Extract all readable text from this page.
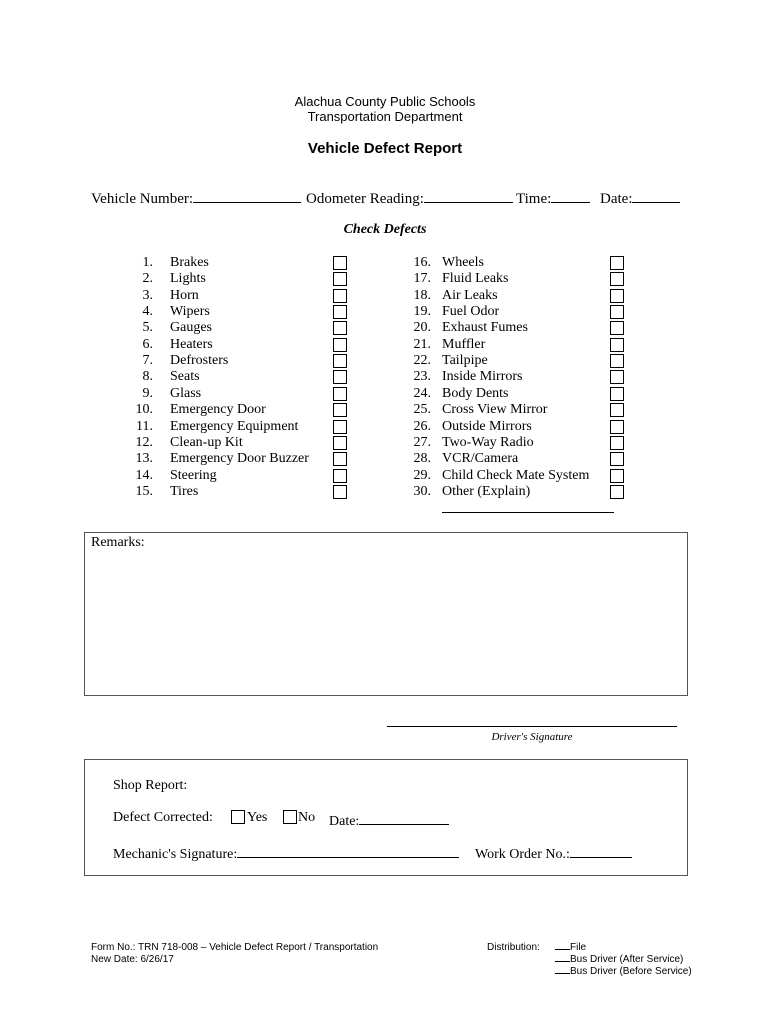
Alachua County Public Schools
Transportation Department
Vehicle Defect Report
Vehicle Number:	Odometer Reading:	Time:	Date:
Check Defects
1. Brakes
2. Lights
3. Horn
4. Wipers
5. Gauges
6. Heaters
7. Defrosters
8. Seats
9. Glass
10. Emergency Door
11. Emergency Equipment
12. Clean-up Kit
13. Emergency Door Buzzer
14. Steering
15. Tires
16. Wheels
17. Fluid Leaks
18. Air Leaks
19. Fuel Odor
20. Exhaust Fumes
21. Muffler
22. Tailpipe
23. Inside Mirrors
24. Body Dents
25. Cross View Mirror
26. Outside Mirrors
27. Two-Way Radio
28. VCR/Camera
29. Child Check Mate System
30. Other (Explain)
Remarks:
Driver's Signature
Shop Report:
Defect Corrected: Yes No Date:
Mechanic's Signature:	Work Order No.:
Form No.: TRN 718-008 – Vehicle Defect Report / Transportation
New Date: 6/26/17
Distribution:	File
Bus Driver (After Service)
Bus Driver (Before Service)
